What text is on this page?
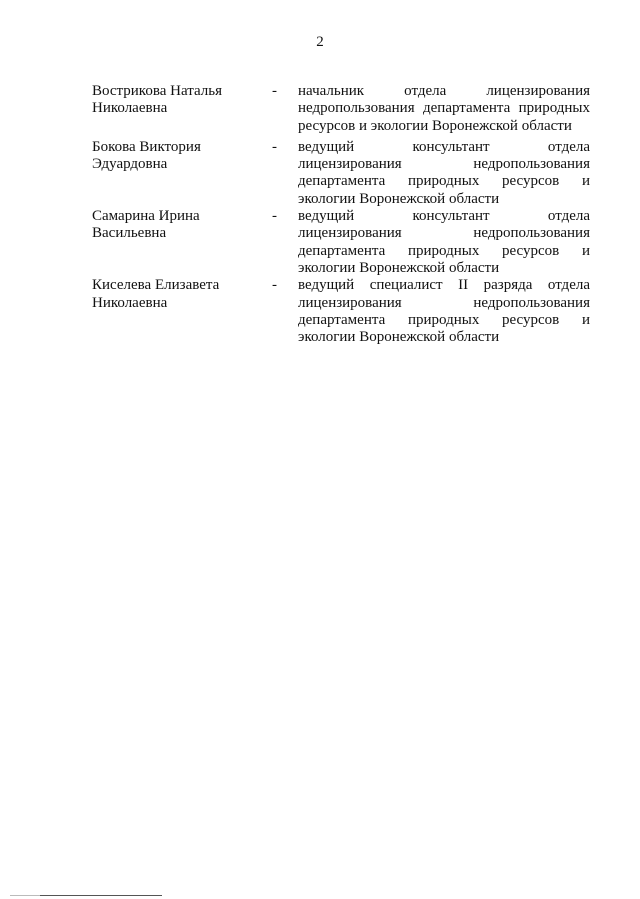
2
Вострикова Наталья
Николаевна
-	начальник отдела лицензирования
недропользования департамента природных
ресурсов и экологии Воронежской области
Бокова Виктория
Эдуардовна
-	ведущий консультант отдела
лицензирования недропользования
департамента природных ресурсов и
экологии Воронежской области
Самарина Ирина
Васильевна
-	ведущий консультант отдела
лицензирования недропользования
департамента природных ресурсов и
экологии Воронежской области
Киселева Елизавета
Николаевна
-	ведущий специалист II разряда отдела
лицензирования недропользования
департамента природных ресурсов и
экологии Воронежской области
